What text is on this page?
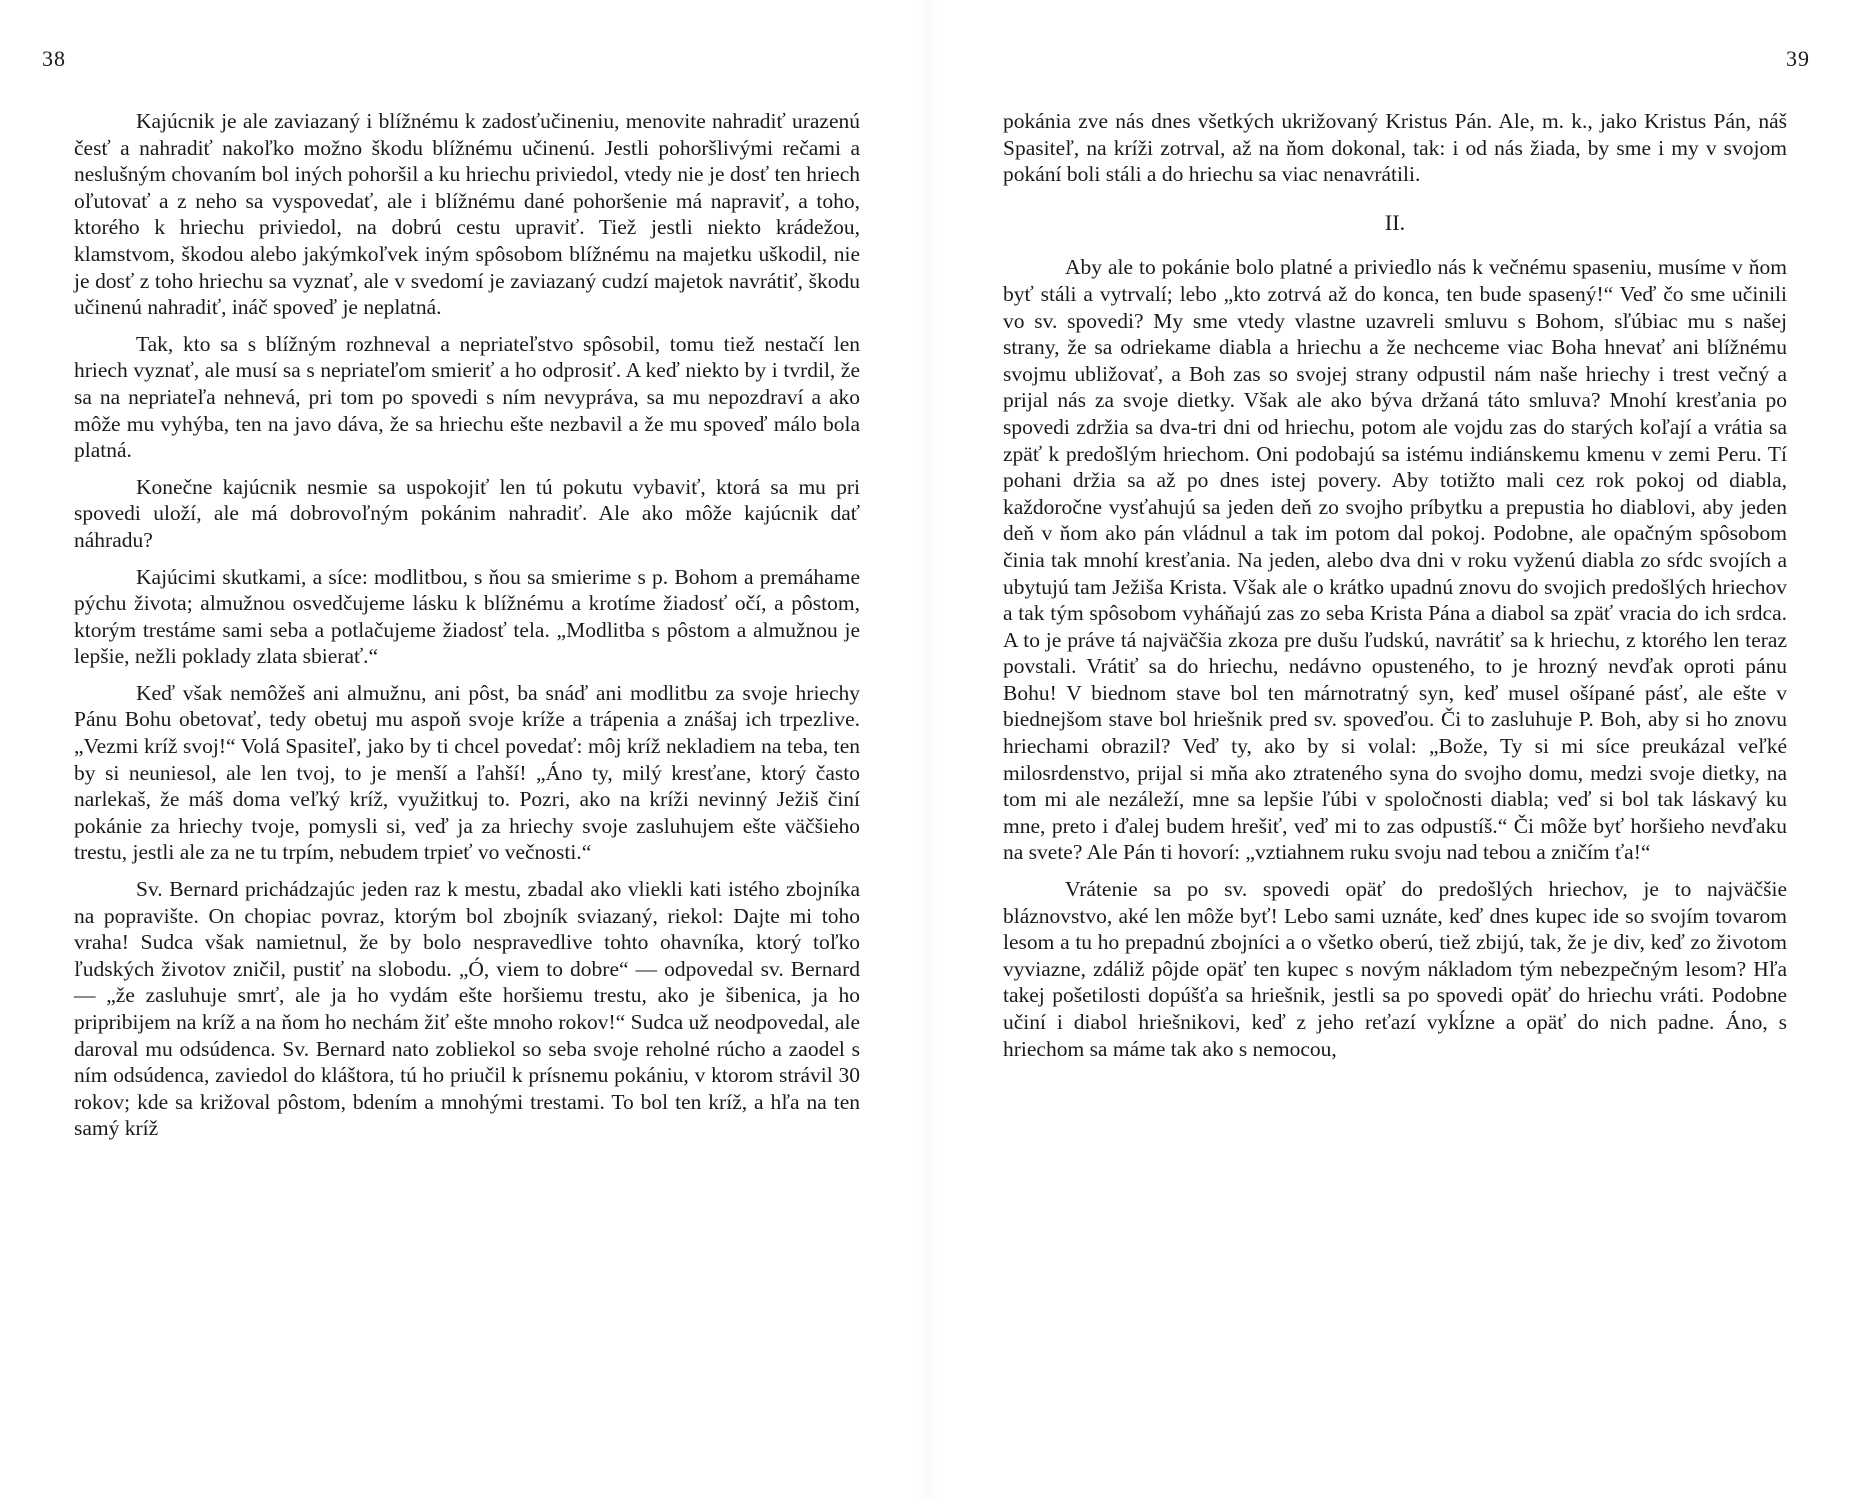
38

Kajúcnik je ale zaviazaný i blížnému k zadosťučineniu, menovite nahradiť urazenú česť a nahradiť nakoľko možno škodu blížnému učinenú. Jestli pohoršlivými rečami a neslušným chovaním bol iných pohoršil a ku hriechu priviedol, vtedy nie je dosť ten hriech oľutovať a z neho sa vyspovedať, ale i blížnému dané pohoršenie má napraviť, a toho, ktorého k hriechu priviedol, na dobrú cestu upraviť. Tiež jestli niekto krádežou, klamstvom, škodou alebo jakýmkoľvek iným spôsobom blížnému na majetku uškodil, nie je dosť z toho hriechu sa vyznať, ale v svedomí je zaviazaný cudzí majetok navrátiť, škodu učinenú nahradiť, ináč spoveď je neplatná.

Tak, kto sa s blížným rozhneval a nepriateľstvo spôsobil, tomu tiež nestačí len hriech vyznať, ale musí sa s nepriateľom smieriť a ho odprosiť. A keď niekto by i tvrdil, že sa na nepriateľa nehnevá, pri tom po spovedi s ním nevyprávа, sa mu nepozdraví a ako môže mu vyhýba, ten na javo dáva, že sa hriechu ešte nezbavil a že mu spoveď málo bola platná.

Konečne kajúcnik nesmie sa uspokojiť len tú pokutu vybaviť, ktorá sa mu pri spovedi uloží, ale má dobrovoľným pokánim nahradiť. Ale ako môže kajúcnik dať náhradu?

Kajúcimi skutkami, a síce: modlitbou, s ňou sa smierime s p. Bohom a premáhame pýchu života; almužnou osvedčujeme lásku k blížnému a krotíme žiadosť očí, a pôstom, ktorým trestáme sami seba a potlačujeme žiadosť tela. „Modlitba s pôstom a almužnou je lepšie, nežli poklady zlata sbierať.“

Keď však nemôžeš ani almužnu, ani pôst, ba snáď ani modlitbu za svoje hriechy Pánu Bohu obetovať, tedy obetuj mu aspoň svoje kríže a trápenia a znášaj ich trpezlive. „Vezmi kríž svoj!“ Volá Spasiteľ, jako by ti chcel povedať: môj kríž nekladiem na teba, ten by si neuniesol, ale len tvoj, to je menší a ľahší! „Áno ty, milý kresťane, ktorý často narlekaš, že máš doma veľký kríž, využitkuj to. Pozri, ako na kríži nevinný Ježiš činí pokánie za hriechy tvoje, pomysli si, veď ja za hriechy svoje zasluhujem ešte väčšieho trestu, jestli ale za ne tu trpím, nebudem trpieť vo večnosti.“

Sv. Bernard prichádzajúc jeden raz k mestu, zbadal ako vliekli kati istého zbojníka na popravište. On chopiac povraz, ktorým bol zbojník sviazaný, riekol: Dajte mi toho vraha! Sudca však namietnul, že by bolo nespravedlive tohto ohavníka, ktorý toľko ľudských životov zničil, pustiť na slobodu. „Ó, viem to dobre“ — odpovedal sv. Bernard — „že zasluhuje smrť, ale ja ho vydám ešte horšiemu trestu, ako je šibenica, ja ho pripribijem na kríž a na ňom ho nechám žiť ešte mnoho rokov!“ Sudca už neodpovedal, ale daroval mu odsúdenca. Sv. Bernard nato zobliekol so seba svoje reholné rúcho a zaodel s ním odsúdenca, zaviedol do kláštora, tú ho priučil k prísnemu pokániu, v ktorom strávil 30 rokov; kde sa križoval pôstom, bdením a mnohými trestami. To bol ten kríž, a hľa na ten samý kríž

39

pokánia zve nás dnes všetkých ukrižovaný Kristus Pán. Ale, m. k., jako Kristus Pán, náš Spasiteľ, na kríži zotrval, až na ňom dokonal, tak: i od nás žiada, by sme i my v svojom pokání boli stáli a do hriechu sa viac nenavrátili.

II.

Aby ale to pokánie bolo platné a priviedlo nás k večnému spaseniu, musíme v ňom byť stáli a vytrvalí; lebo „kto zotrvá až do konca, ten bude spasený!“ Veď čo sme učinili vo sv. spovedi? My sme vtedy vlastne uzavreli smluvu s Bohom, sľúbiac mu s našej strany, že sa odriekame diabla a hriechu a že nechceme viac Boha hnevať ani blížnému svojmu ubližovať, a Boh zas so svojej strany odpustil nám naše hriechy i trest večný a prijal nás za svoje dietky. Však ale ako býva držaná táto smluva? Mnohí kresťania po spovedi zdržia sa dva-tri dni od hriechu, potom ale vojdu zas do starých koľají a vrátia sa zpäť k predošlým hriechom. Oni podobajú sa istému indiánskemu kmenu v zemi Peru. Tí pohani držia sa až po dnes istej povery. Aby totižto mali cez rok pokoj od diabla, každoročne vysťahujú sa jeden deň zo svojho príbytku a prepustia ho diablovi, aby jeden deň v ňom ako pán vládnul a tak im potom dal pokoj. Podobne, ale opačným spôsobom činia tak mnohí kresťania. Na jeden, alebo dva dni v roku vyženú diabla zo sŕdc svojích a ubytujú tam Ježiša Krista. Však ale o krátko upadnú znovu do svojich predošlých hriechov a tak tým spôsobom vyháňajú zas zo seba Krista Pána a diabol sa zpäť vracia do ich srdca. A to je práve tá najväčšia zkoza pre dušu ľudskú, navrátiť sa k hriechu, z ktorého len teraz povstali. Vrátiť sa do hriechu, nedávno opusteného, to je hrozný nevďak oproti pánu Bohu! V biednom stave bol ten márnotratný syn, keď musel ošípané pásť, ale ešte v biednejšom stave bol hriešnik pred sv. spoveďou. Či to zasluhuje P. Boh, aby si ho znovu hriechami obrazil? Veď ty, ako by si volal: „Bože, Ty si mi síce preukázal veľké milosrdenstvo, prijal si mňa ako ztrateného syna do svojho domu, medzi svoje dietky, na tom mi ale nezáleží, mne sa lepšie ľúbi v spoločnosti diabla; veď si bol tak láskavý ku mne, preto i ďalej budem hrešiť, veď mi to zas odpustíš.“ Či môže byť horšieho nevďaku na svete? Ale Pán ti hovorí: „vztiahnem ruku svoju nad tebou a zničím ťa!“

Vrátenie sa po sv. spovedi opäť do predošlých hriechov, je to najväčšie bláznovstvo, aké len môže byť! Lebo sami uznáte, keď dnes kupec ide so svojím tovarom lesom a tu ho prepadnú zbojníci a o všetko oberú, tiež zbijú, tak, že je div, keď zo životom vyviazne, zdáliž pôjde opäť ten kupec s novým nákladom tým nebezpečným lesom? Hľa takej pošetilosti dopúšťa sa hriešnik, jestli sa po spovedi opäť do hriechu vráti. Podobne učiní i diabol hriešnikovi, keď z jeho reťazí vykĺzne a opäť do nich padne. Áno, s hriechom sa máme tak ako s nemocou,
